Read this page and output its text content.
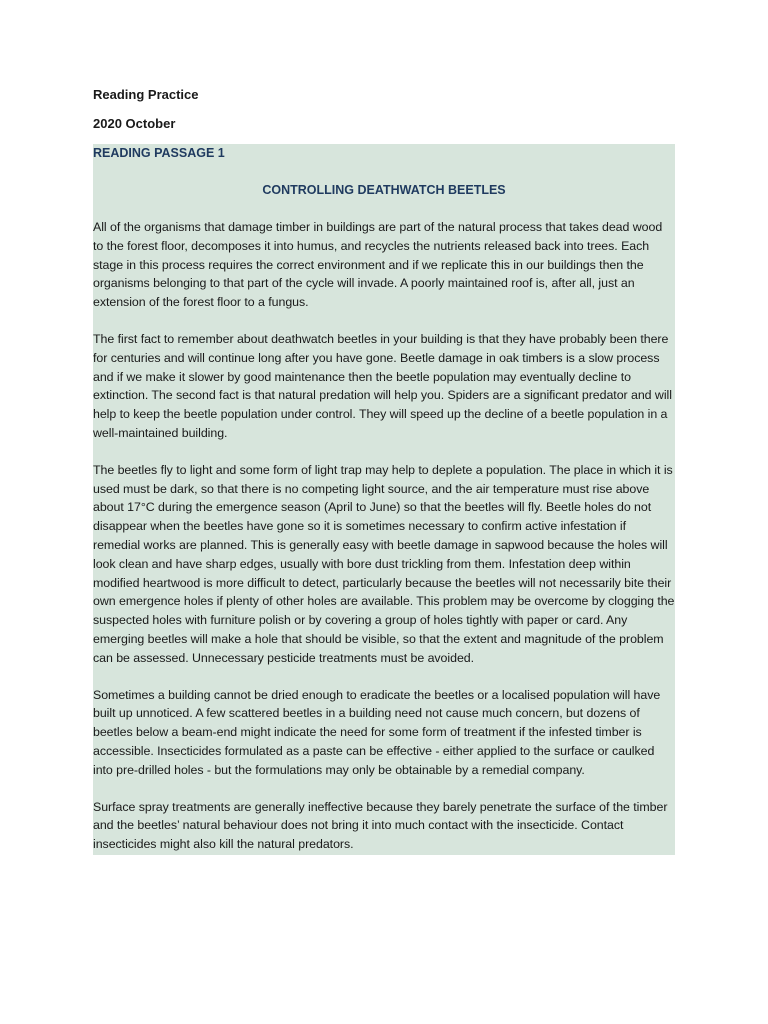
Reading Practice

2020 October

READING PASSAGE 1

CONTROLLING DEATHWATCH BEETLES

All of the organisms that damage timber in buildings are part of the natural process that takes dead wood to the forest floor, decomposes it into humus, and recycles the nutrients released back into trees. Each stage in this process requires the correct environment and if we replicate this in our buildings then the organisms belonging to that part of the cycle will invade. A poorly maintained roof is, after all, just an extension of the forest floor to a fungus.

The first fact to remember about deathwatch beetles in your building is that they have probably been there for centuries and will continue long after you have gone. Beetle damage in oak timbers is a slow process and if we make it slower by good maintenance then the beetle population may eventually decline to extinction. The second fact is that natural predation will help you. Spiders are a significant predator and will help to keep the beetle population under control. They will speed up the decline of a beetle population in a well-maintained building.

The beetles fly to light and some form of light trap may help to deplete a population. The place in which it is used must be dark, so that there is no competing light source, and the air temperature must rise above about 17°C during the emergence season (April to June) so that the beetles will fly. Beetle holes do not disappear when the beetles have gone so it is sometimes necessary to confirm active infestation if remedial works are planned. This is generally easy with beetle damage in sapwood because the holes will look clean and have sharp edges, usually with bore dust trickling from them. Infestation deep within modified heartwood is more difficult to detect, particularly because the beetles will not necessarily bite their own emergence holes if plenty of other holes are available. This problem may be overcome by clogging the suspected holes with furniture polish or by covering a group of holes tightly with paper or card. Any emerging beetles will make a hole that should be visible, so that the extent and magnitude of the problem can be assessed. Unnecessary pesticide treatments must be avoided.

Sometimes a building cannot be dried enough to eradicate the beetles or a localised population will have built up unnoticed. A few scattered beetles in a building need not cause much concern, but dozens of beetles below a beam-end might indicate the need for some form of treatment if the infested timber is accessible. Insecticides formulated as a paste can be effective - either applied to the surface or caulked into pre-drilled holes - but the formulations may only be obtainable by a remedial company.

Surface spray treatments are generally ineffective because they barely penetrate the surface of the timber and the beetles’ natural behaviour does not bring it into much contact with the insecticide. Contact insecticides might also kill the natural predators.
